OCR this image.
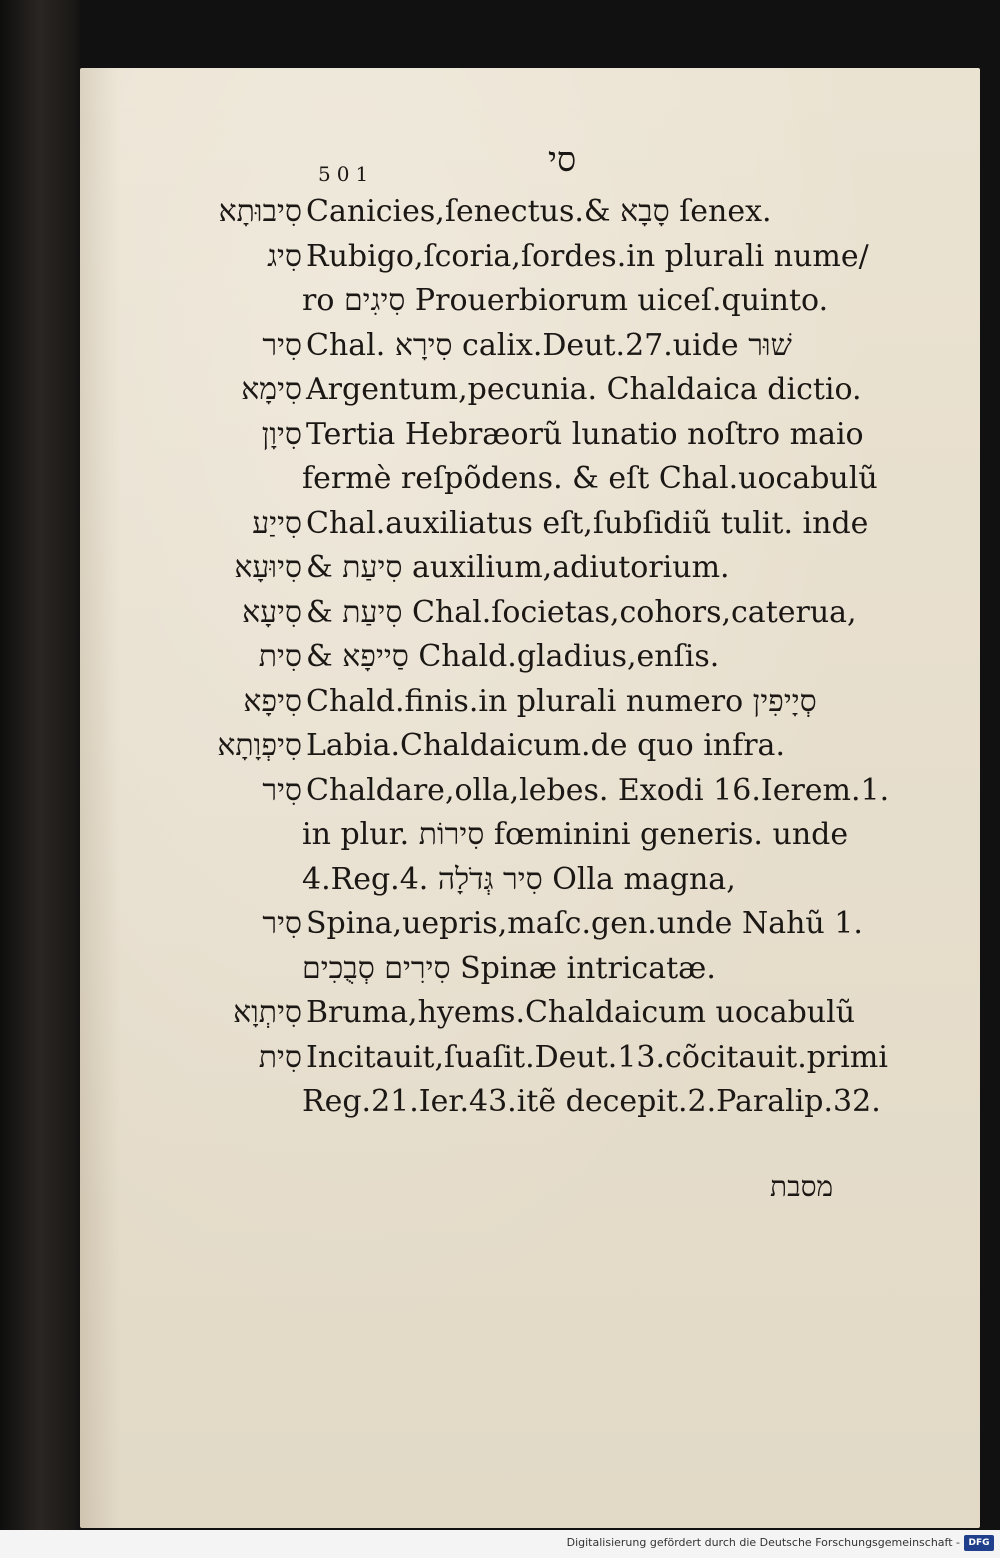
501	סי
סִיבוּתָא Canicies,ſenectus.& סָבָא ſenex.
סִיג Rubigo,ſcoria,ſordes.in plurali nume/
ro סִיגִים Prouerbiorum uiceſ.quinto.
סִיר Chal. סִירָא calix.Deut.27.uide שׁוּר
סִימָא Argentum,pecunia. Chaldaica dictio.
סִיוָן Tertia Hebræorũ lunatio noſtro maio
fermè reſpõdens. & eſt Chal.uocabulũ
סִייַע Chal.auxiliatus eſt,ſubſidiũ tulit. inde
סִיוּעָא & סִיעַת auxilium,adiutorium.
סִיעָא & סִיעַת Chal.ſocietas,cohors,caterua,
סִית & סַייפָא Chald.gladius,enſis.
סִיפָא Chald.finis.in plurali numero סְיָיפִין
סִיפְוָתָא Labia.Chaldaicum.de quo infra.
סִיר Chaldare,olla,lebes. Exodi 16.Ierem.1.
in plur. סִירוֹת fœminini generis. unde
4.Reg.4. סִיר גְּדֹלָה Olla magna,
סִיר Spina,uepris,maſc.gen.unde Nahũ 1.
סִירִים סְבֻכִים Spinæ intricatæ.
סִיתְוָא Bruma,hyems.Chaldaicum uocabulũ
סִית Incitauit,ſuaſit.Deut.13.cõcitauit.primi
Reg.21.Ier.43.itẽ decepit.2.Paralip.32.
מסבת
Digitalisierung gefördert durch die Deutsche Forschungsgemeinschaft - DFG
